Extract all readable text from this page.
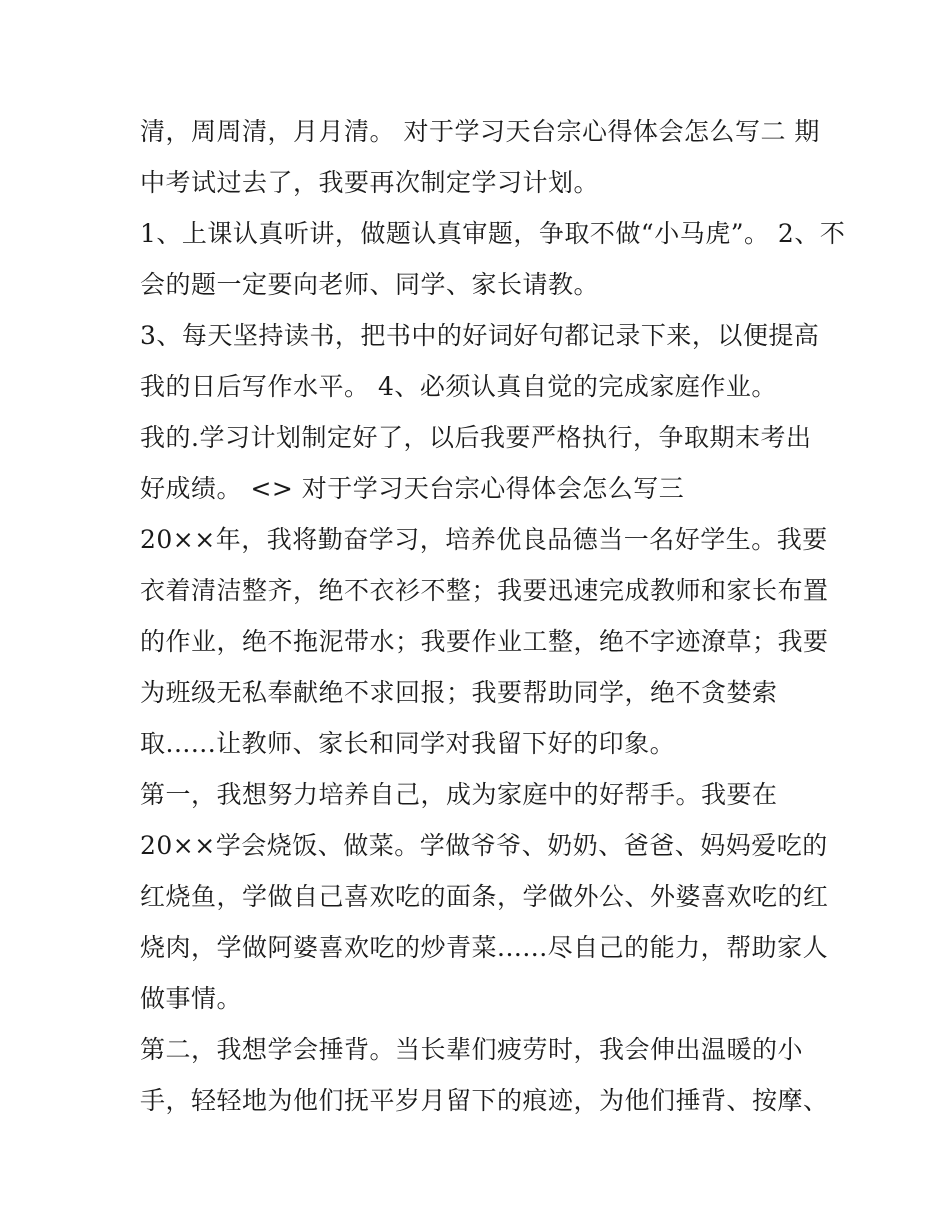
清，周周清，月月清。 对于学习天台宗心得体会怎么写二 期
中考试过去了，我要再次制定学习计划。
1、上课认真听讲，做题认真审题，争取不做“小马虎”。 2、不
会的题一定要向老师、同学、家长请教。
3、每天坚持读书，把书中的好词好句都记录下来，以便提高
我的日后写作水平。 4、必须认真自觉的完成家庭作业。
我的.学习计划制定好了，以后我要严格执行，争取期末考出
好成绩。 <> 对于学习天台宗心得体会怎么写三
20××年，我将勤奋学习，培养优良品德当一名好学生。我要
衣着清洁整齐，绝不衣衫不整；我要迅速完成教师和家长布置
的作业，绝不拖泥带水；我要作业工整，绝不字迹潦草；我要
为班级无私奉献绝不求回报；我要帮助同学，绝不贪婪索
取......让教师、家长和同学对我留下好的印象。
第一，我想努力培养自己，成为家庭中的好帮手。我要在
20××学会烧饭、做菜。学做爷爷、奶奶、爸爸、妈妈爱吃的
红烧鱼，学做自己喜欢吃的面条，学做外公、外婆喜欢吃的红
烧肉，学做阿婆喜欢吃的炒青菜......尽自己的能力，帮助家人
做事情。
第二，我想学会捶背。当长辈们疲劳时，我会伸出温暖的小
手，轻轻地为他们抚平岁月留下的痕迹，为他们捶背、按摩、
